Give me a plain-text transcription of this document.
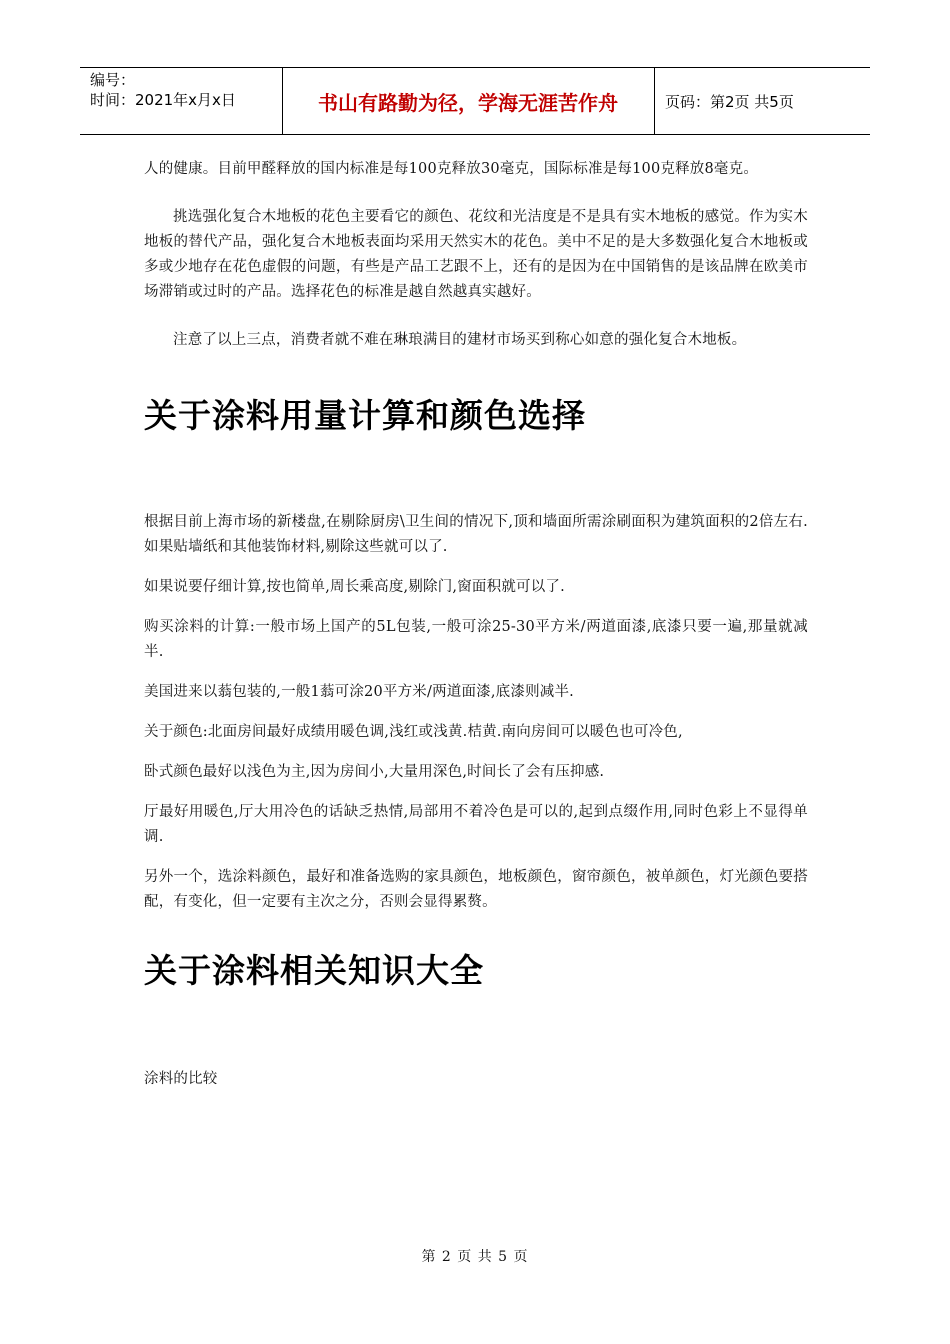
编号：
时间：2021年x月x日	书山有路勤为径，学海无涯苦作舟	页码：第2页 共5页

人的健康。目前甲醛释放的国内标准是每100克释放30毫克，国际标准是每100克释放8毫克。

挑选强化复合木地板的花色主要看它的颜色、花纹和光洁度是不是具有实木地板的感觉。作为实木地板的替代产品，强化复合木地板表面均采用天然实木的花色。美中不足的是大多数强化复合木地板或多或少地存在花色虚假的问题，有些是产品工艺跟不上，还有的是因为在中国销售的是该品牌在欧美市场滞销或过时的产品。选择花色的标准是越自然越真实越好。

注意了以上三点，消费者就不难在琳琅满目的建材市场买到称心如意的强化复合木地板。

关于涂料用量计算和颜色选择

根据目前上海市场的新楼盘,在剔除厨房\卫生间的情况下,顶和墙面所需涂刷面积为建筑面积的2倍左右.如果贴墙纸和其他装饰材料,剔除这些就可以了.

如果说要仔细计算,按也简单,周长乘高度,剔除门,窗面积就可以了.

购买涂料的计算:一般市场上国产的5L包装,一般可涂25-30平方米/两道面漆,底漆只要一遍,那量就减半.

美国进来以蓊包装的,一般1蓊可涂20平方米/两道面漆,底漆则减半.

关于颜色:北面房间最好成绩用暖色调,浅红或浅黄.桔黄.南向房间可以暖色也可冷色,

卧式颜色最好以浅色为主,因为房间小,大量用深色,时间长了会有压抑感.

厅最好用暖色,厅大用冷色的话缺乏热情,局部用不着冷色是可以的,起到点缀作用,同时色彩上不显得单调.

另外一个，选涂料颜色，最好和准备选购的家具颜色，地板颜色，窗帘颜色，被单颜色，灯光颜色要搭配，有变化，但一定要有主次之分，否则会显得累赘。

关于涂料相关知识大全

涂料的比较

第 2 页 共 5 页
